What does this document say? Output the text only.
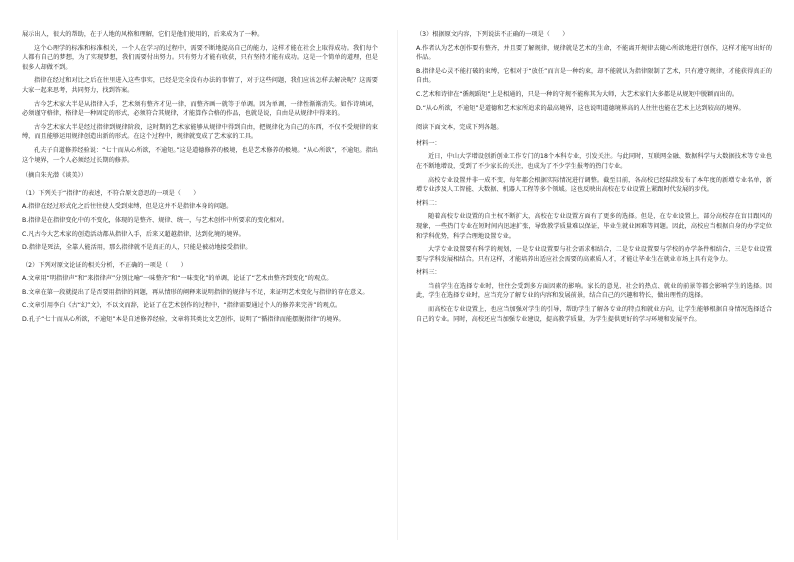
展示出人，很大的帮助，在于人地的风格和理解，它们是他们使用的，后来成为了一种。

这个心理学的标准和标准相关，一个人在学习的过程中，需要不断地提高自己的能力，这样才能在社会上取得成功。我们每个人都有自己的梦想，为了实现梦想，我们需要付出努力。只有努力才能有收获，只有坚持才能有成功。这是一个简单的道理，但是很多人却做不到。

指律在经过和对比之后在往里进入这些事实，已经是完全没有办法的事情了，对于这些问题，我们应该怎样去解决呢？这需要大家一起来思考，共同努力，找到答案。

古今艺术家大半是从指律入手，艺术须有整齐才见一律，而整齐画一就等于单调。因为单调，一律性渐渐消失。如作诗填词，必须谨守格律，格律是一种固定的形式，必须符合其规律，才能算作合格的作品，也就是说，自由是从规律中得来的。

古今艺术家大半是经过指律到规律阶段，这时期的艺术家能够从规律中得到自由，把规律化为自己的东西，不仅不受规律的束缚，而且能够运用规律创造出新的形式。在这个过程中，规律就变成了艺术家的工具。

孔夫子自道修养经验说：“七十而从心所欲，不逾矩。”这是道德修养的极境，也是艺术修养的极境。“从心所欲”，不逾矩。指出这个境界，一个人必须经过长期的修养。

（摘自朱光潜《谈美》）

（1）下列关于“指律”的表述，不符合原文意思的一项是（　　）

A.指律在经过形式化之后往往使人受到束缚，但是这并不是指律本身的问题。

B.指律是在指律变化中的不变化，体现的是整齐、规律、统一，与艺术创作中所要求的变化相对。

C.凡古今大艺术家的创造活动都从指律入手，后来又超越指律，达到化境的境界。

D.指律是死法，全靠人能活用，那么指律就不是真正的人，只能是被动地接受指律。

（2）下列对原文论证的相关分析，不正确的一项是（　　）

A.文章用“明指律声”和“来指律声”分别比喻“一味整齐”和“一味变化”的单调，论证了“艺术由整齐到变化”的观点。

B.文章在第一段就提出了是否要用指律的问题，再从情形的阐释来说明指律的规律与不足，来证明艺术变化与指律的存在意义。

C.文章引用李白《古“幻”文》，不以文而辞，论证了在艺术创作的过程中，“指律需要通过个人的修养来完善”的观点。

D.孔子“七十而从心所欲，不逾矩”本是自述修养经验，文章将其类比文艺创作，说明了“循指律而能摆脱指律”的境界。

（3）根据原文内容，下列说法不正确的一项是（　　）

A.作者认为艺术创作要有整齐，并且要了解规律，规律就是艺术的生命，不能离开规律去随心所欲地进行创作，这样才能写出好的作品。

B.指律是心灵不能打破的束缚，它相对于“放任”而言是一种约束，却不能就认为指律限制了艺术，只有遵守规律，才能获得真正的自由。

C.艺术和诗律在“循规蹈矩”上是相通的，只是一种的守规不能称其为大师，大艺术家们大多都是从规矩中脱颖而出的。

D.“从心所欲，不逾矩”是道德和艺术家所追求的最高境界，这也说明道德境界高的人往往也能在艺术上达到较高的境界。

阅读下面文本，完成下列各题。

材料一：

近日，中山大学增设创新创业工作专门的18个本科专业，引发关注。与此同时，互联网金融、数据科学与大数据技术等专业也在不断地增设，受到了不少家长的关注，也成为了不少学生报考的热门专业。

高校专业设置并非一成不变，每年都会根据实际情况进行调整。截至目前，各高校已经陆续发布了本年度的新增专业名单，新增专业涉及人工智能、大数据、机器人工程等多个领域。这也反映出高校在专业设置上紧跟时代发展的步伐。

材料二：

随着高校专业设置的自主权不断扩大，高校在专业设置方面有了更多的选择。但是，在专业设置上，部分高校存在盲目跟风的现象，一些热门专业在短时间内迅速扩张，导致教学质量难以保证，毕业生就业困难等问题。因此，高校应当根据自身的办学定位和学科优势，科学合理地设置专业。

大学专业设置要有科学的规划，一是专业设置要与社会需求相结合，二是专业设置要与学校的办学条件相结合，三是专业设置要与学科发展相结合。只有这样，才能培养出适应社会需要的高素质人才，才能让毕业生在就业市场上具有竞争力。

材料三：

当前学生在选择专业时，往往会受到多方面因素的影响。家长的意见、社会的热点、就业的前景等都会影响学生的选择。因此，学生在选择专业时，应当充分了解专业的内容和发展前景，结合自己的兴趣和特长，做出理性的选择。

而高校在专业设置上，也应当加强对学生的引导，帮助学生了解各专业的特点和就业方向，让学生能够根据自身情况选择适合自己的专业。同时，高校还应当加强专业建设，提高教学质量，为学生提供更好的学习环境和发展平台。
